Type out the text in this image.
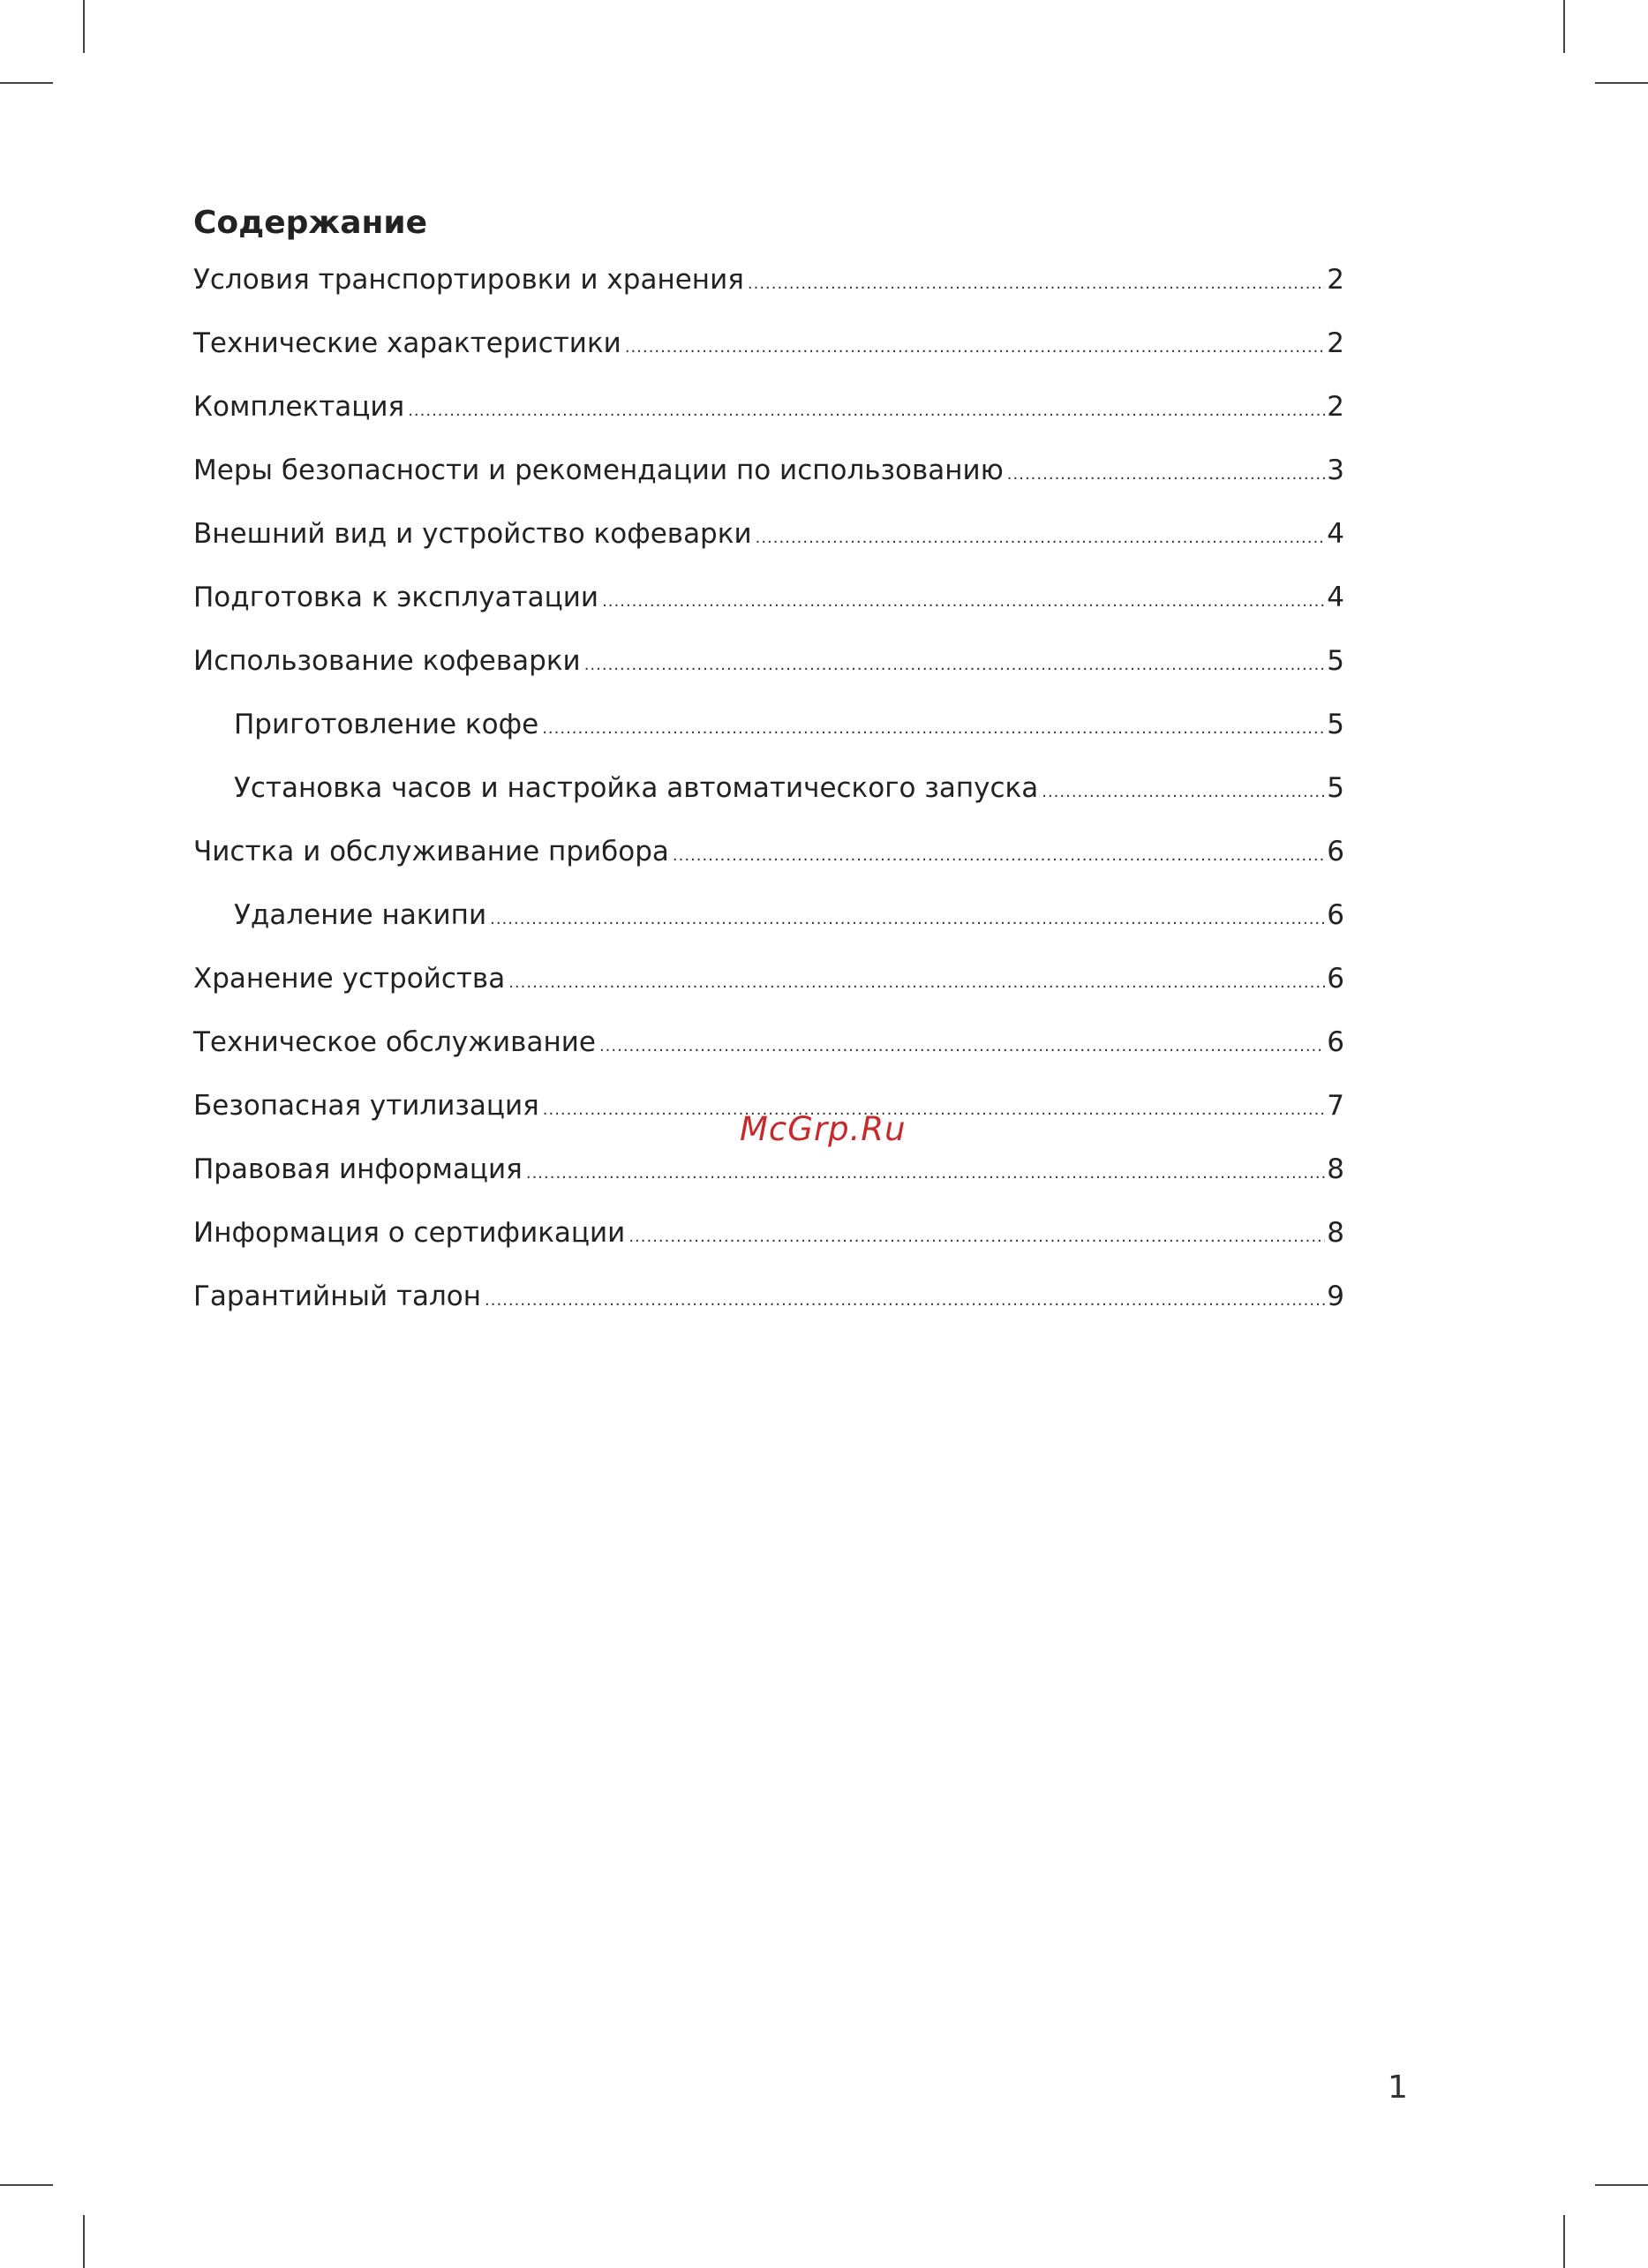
Содержание
Условия транспортировки и хранения .....	2
Технические характеристики .....	2
Комплектация .....	2
Меры безопасности и рекомендации по использованию .....	3
Внешний вид и устройство кофеварки .....	4
Подготовка к эксплуатации .....	4
Использование кофеварки .....	5
Приготовление кофе .....	5
Установка часов и настройка автоматического запуска .....	5
Чистка и обслуживание прибора .....	6
Удаление накипи .....	6
Хранение устройства .....	6
Техническое обслуживание .....	6
Безопасная утилизация .....	7
Правовая информация .....	8
Информация о сертификации .....	8
Гарантийный талон .....	9
McGrp.Ru
1
